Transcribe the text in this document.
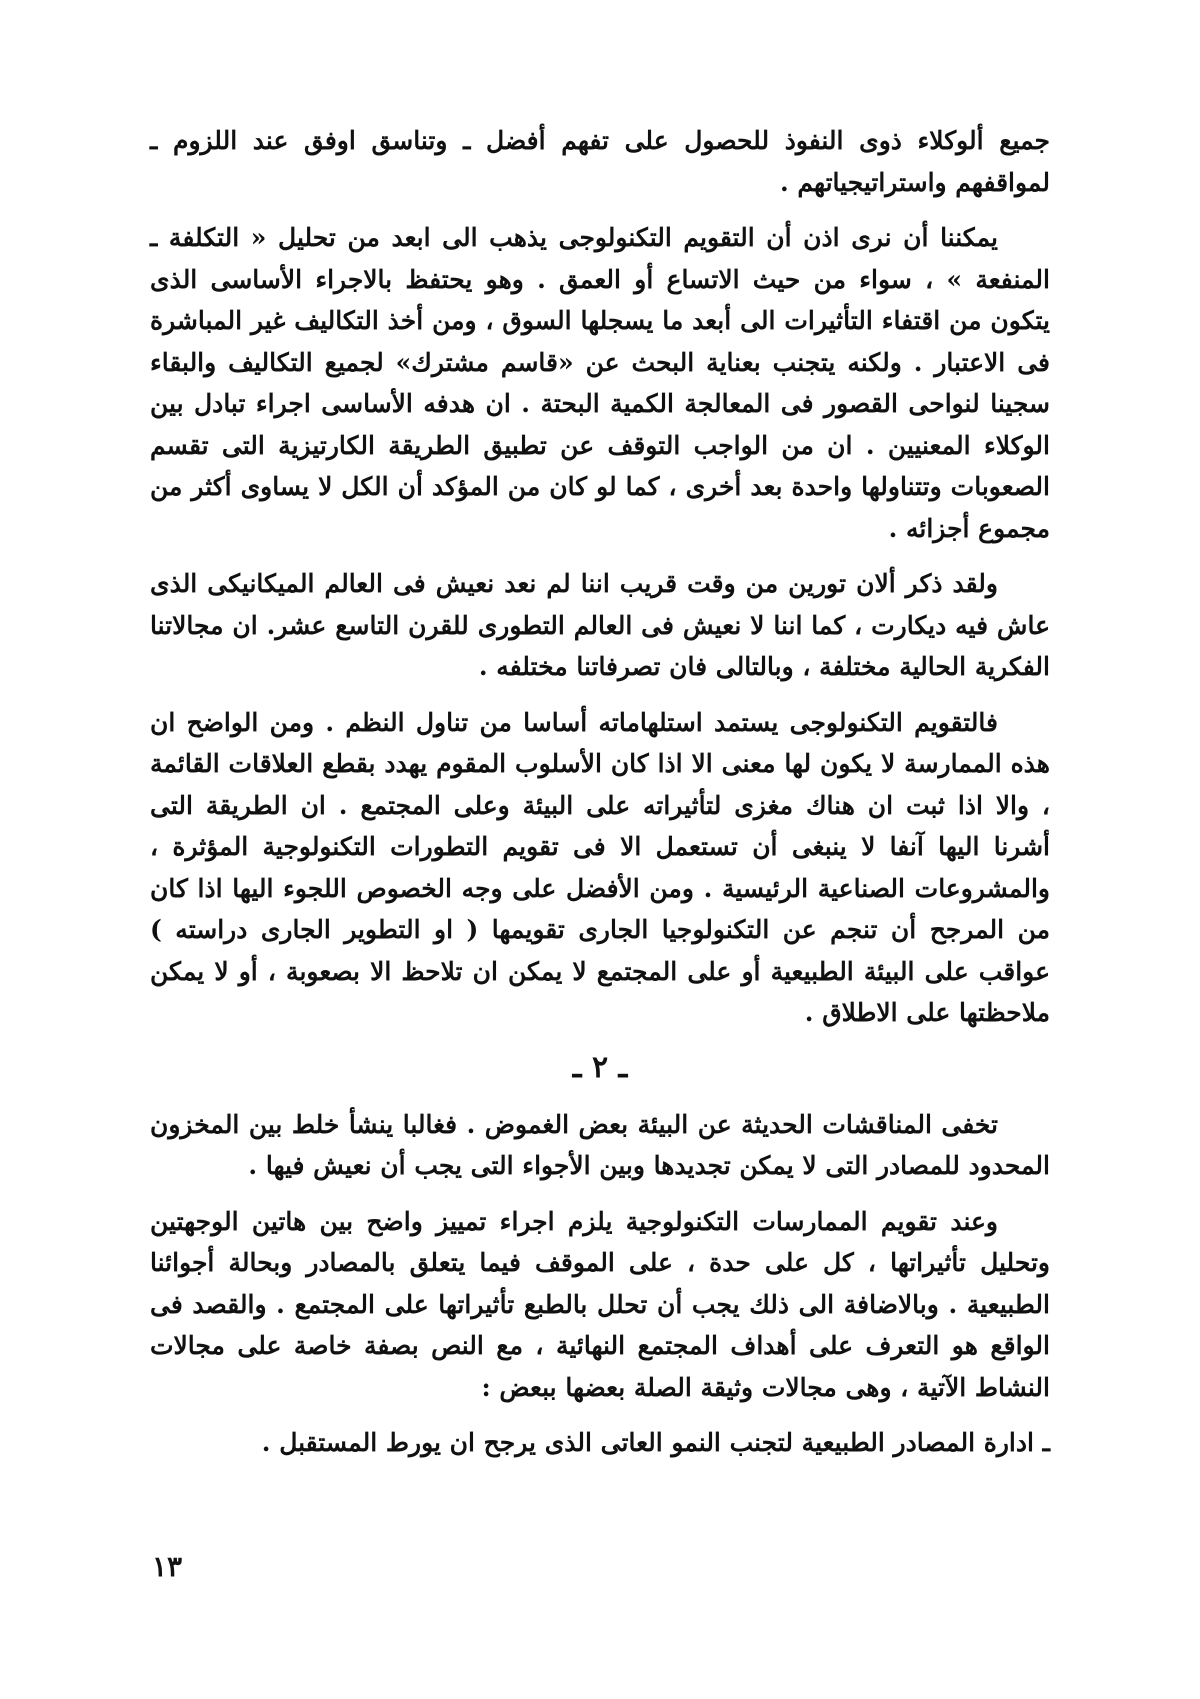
جميع ألوكلاء ذوى النفوذ للحصول على تفهم أفضل ـ وتناسق اوفق عند اللزوم ـ لمواقفهم واستراتيجياتهم .

يمكننا أن نرى اذن أن التقويم التكنولوجى يذهب الى ابعد من تحليل « التكلفة ـ المنفعة » ، سواء من حيث الاتساع أو العمق . وهو يحتفظ بالاجراء الأساسى الذى يتكون من اقتفاء التأثيرات الى أبعد ما يسجلها السوق ، ومن أخذ التكاليف غير المباشرة فى الاعتبار . ولكنه يتجنب بعناية البحث عن «قاسم مشترك» لجميع التكاليف والبقاء سجينا لنواحى القصور فى المعالجة الكمية البحتة . ان هدفه الأساسى اجراء تبادل بين الوكلاء المعنيين . ان من الواجب التوقف عن تطبيق الطريقة الكارتيزية التى تقسم الصعوبات وتتناولها واحدة بعد أخرى ، كما لو كان من المؤكد أن الكل لا يساوى أكثر من مجموع أجزائه .

ولقد ذكر ألان تورين من وقت قريب اننا لم نعد نعيش فى العالم الميكانيكى الذى عاش فيه ديكارت ، كما اننا لا نعيش فى العالم التطورى للقرن التاسع عشر. ان مجالاتنا الفكرية الحالية مختلفة ، وبالتالى فان تصرفاتنا مختلفه .

فالتقويم التكنولوجى يستمد استلهاماته أساسا من تناول النظم . ومن الواضح ان هذه الممارسة لا يكون لها معنى الا اذا كان الأسلوب المقوم يهدد بقطع العلاقات القائمة ، والا اذا ثبت ان هناك مغزى لتأثيراته على البيئة وعلى المجتمع . ان الطريقة التى أشرنا اليها آنفا لا ينبغى أن تستعمل الا فى تقويم التطورات التكنولوجية المؤثرة ، والمشروعات الصناعية الرئيسية . ومن الأفضل على وجه الخصوص اللجوء اليها اذا كان من المرجح أن تنجم عن التكنولوجيا الجارى تقويمها ( او التطوير الجارى دراسته ) عواقب على البيئة الطبيعية أو على المجتمع لا يمكن ان تلاحظ الا بصعوبة ، أو لا يمكن ملاحظتها على الاطلاق .

ـ ٢ ـ

تخفى المناقشات الحديثة عن البيئة بعض الغموض . فغالبا ينشأ خلط بين المخزون المحدود للمصادر التى لا يمكن تجديدها وبين الأجواء التى يجب أن نعيش فيها .

وعند تقويم الممارسات التكنولوجية يلزم اجراء تمييز واضح بين هاتين الوجهتين وتحليل تأثيراتها ، كل على حدة ، على الموقف فيما يتعلق بالمصادر وبحالة أجوائنا الطبيعية . وبالاضافة الى ذلك يجب أن تحلل بالطبع تأثيراتها على المجتمع . والقصد فى الواقع هو التعرف على أهداف المجتمع النهائية ، مع النص بصفة خاصة على مجالات النشاط الآتية ، وهى مجالات وثيقة الصلة بعضها ببعض :

ـ ادارة المصادر الطبيعية لتجنب النمو العاتى الذى يرجح ان يورط المستقبل .

١٣
